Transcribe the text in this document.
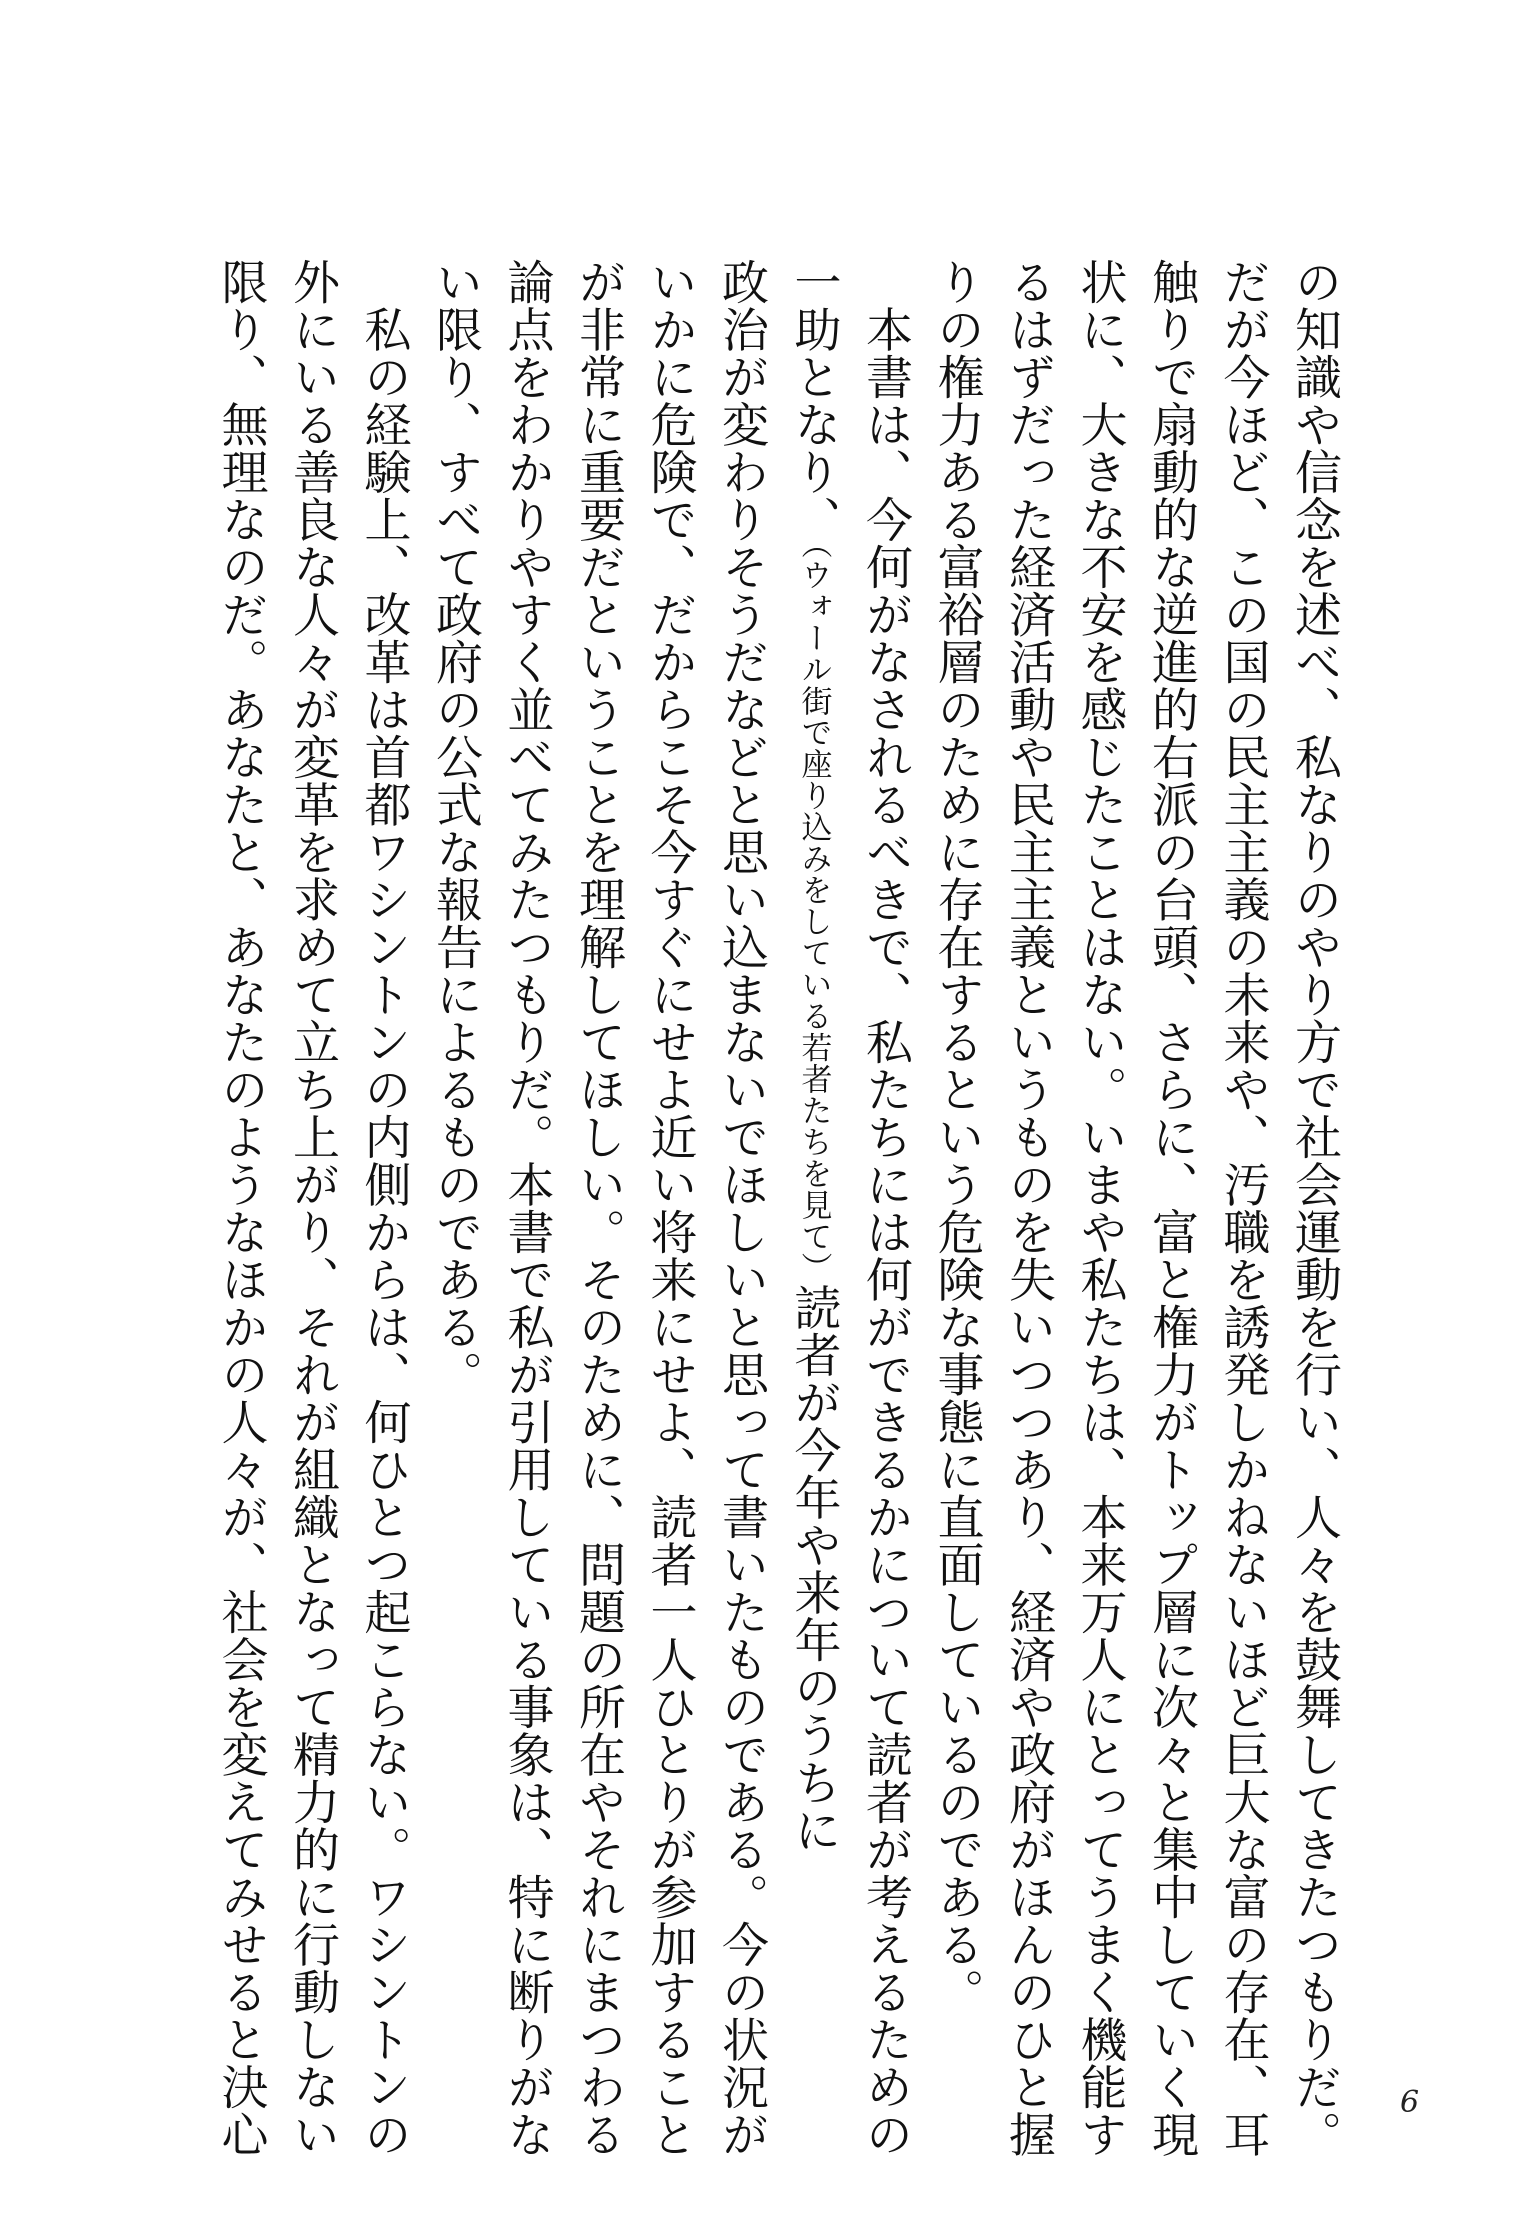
の知識や信念を述べ、私なりのやり方で社会運動を行い、人々を鼓舞してきたつもりだ。
だが今ほど、この国の民主主義の未来や、汚職を誘発しかねないほど巨大な富の存在、耳
触りで扇動的な逆進的右派の台頭、さらに、富と権力がトップ層に次々と集中していく現
状に、大きな不安を感じたことはない。いまや私たちは、本来万人にとってうまく機能す
るはずだった経済活動や民主主義というものを失いつつあり、経済や政府がほんのひと握
りの権力ある富裕層のために存在するという危険な事態に直面しているのである。
　本書は、今何がなされるべきで、私たちには何ができるかについて読者が考えるための
一助となり、（ウォール街で座り込みをしている若者たちを見て）読者が今年や来年のうちに
政治が変わりそうだなどと思い込まないでほしいと思って書いたものである。今の状況が
いかに危険で、だからこそ今すぐにせよ近い将来にせよ、読者一人ひとりが参加すること
が非常に重要だということを理解してほしい。そのために、問題の所在やそれにまつわる
論点をわかりやすく並べてみたつもりだ。本書で私が引用している事象は、特に断りがな
い限り、すべて政府の公式な報告によるものである。
　私の経験上、改革は首都ワシントンの内側からは、何ひとつ起こらない。ワシントンの
外にいる善良な人々が変革を求めて立ち上がり、それが組織となって精力的に行動しない
限り、無理なのだ。あなたと、あなたのようなほかの人々が、社会を変えてみせると決心	6
